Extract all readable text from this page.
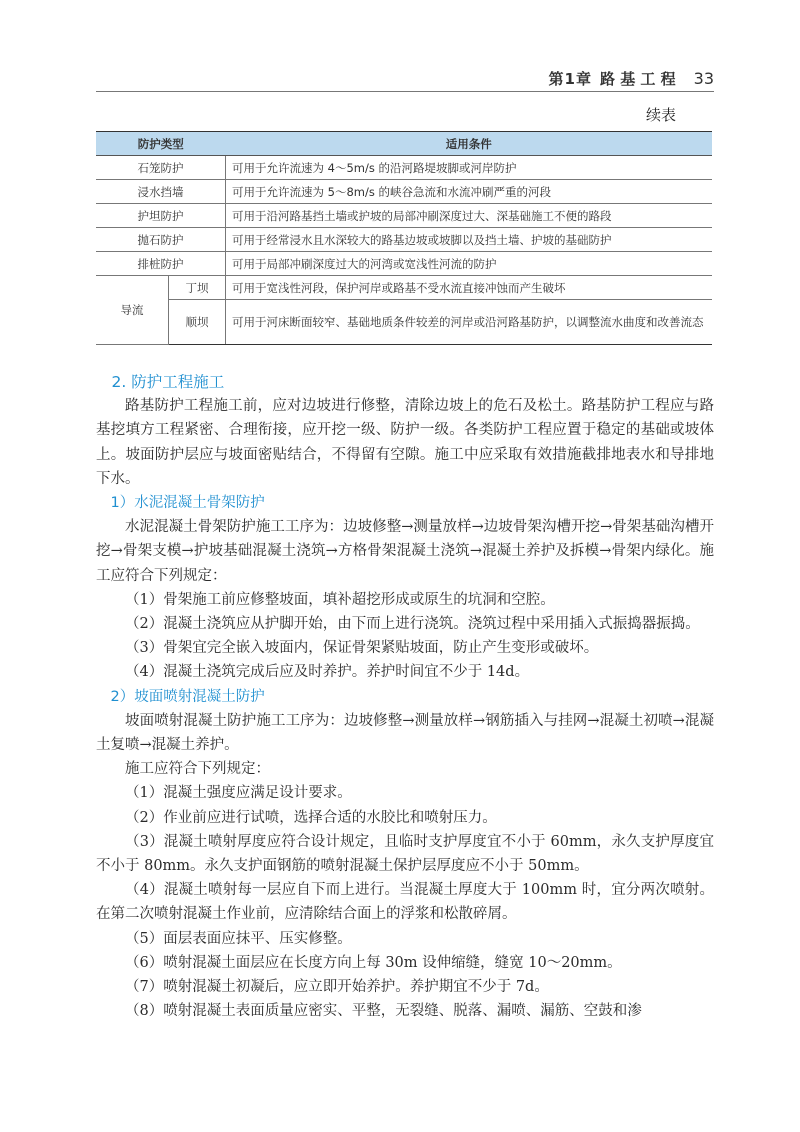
第1章 路 基 工 程 33
续表
防护类型		适用条件
石笼防护		可用于允许流速为 4～5m/s 的沿河路堤坡脚或河岸防护
浸水挡墙		可用于允许流速为 5～8m/s 的峡谷急流和水流冲刷严重的河段
护坦防护		可用于沿河路基挡土墙或护坡的局部冲刷深度过大、深基础施工不便的路段
抛石防护		可用于经常浸水且水深较大的路基边坡或坡脚以及挡土墙、护坡的基础防护
排桩防护		可用于局部冲刷深度过大的河湾或宽浅性河流的防护
导流	丁坝	可用于宽浅性河段，保护河岸或路基不受水流直接冲蚀而产生破坏
	顺坝	可用于河床断面较窄、基础地质条件较差的河岸或沿河路基防护，以调整流水曲度和改善流态

2. 防护工程施工

路基防护工程施工前，应对边坡进行修整，清除边坡上的危石及松土。路基防护工程应与路基挖填方工程紧密、合理衔接，应开挖一级、防护一级。各类防护工程应置于稳定的基础或坡体上。坡面防护层应与坡面密贴结合，不得留有空隙。施工中应采取有效措施截排地表水和导排地下水。

1）水泥混凝土骨架防护

水泥混凝土骨架防护施工工序为：边坡修整→测量放样→边坡骨架沟槽开挖→骨架基础沟槽开挖→骨架支模→护坡基础混凝土浇筑→方格骨架混凝土浇筑→混凝土养护及拆模→骨架内绿化。施工应符合下列规定：

（1）骨架施工前应修整坡面，填补超挖形成或原生的坑洞和空腔。

（2）混凝土浇筑应从护脚开始，由下而上进行浇筑。浇筑过程中采用插入式振捣器振捣。

（3）骨架宜完全嵌入坡面内，保证骨架紧贴坡面，防止产生变形或破坏。

（4）混凝土浇筑完成后应及时养护。养护时间宜不少于 14d。

2）坡面喷射混凝土防护

坡面喷射混凝土防护施工工序为：边坡修整→测量放样→钢筋插入与挂网→混凝土初喷→混凝土复喷→混凝土养护。

施工应符合下列规定：

（1）混凝土强度应满足设计要求。

（2）作业前应进行试喷，选择合适的水胶比和喷射压力。

（3）混凝土喷射厚度应符合设计规定，且临时支护厚度宜不小于 60mm，永久支护厚度宜不小于 80mm。永久支护面钢筋的喷射混凝土保护层厚度应不小于 50mm。

（4）混凝土喷射每一层应自下而上进行。当混凝土厚度大于 100mm 时，宜分两次喷射。在第二次喷射混凝土作业前，应清除结合面上的浮浆和松散碎屑。

（5）面层表面应抹平、压实修整。

（6）喷射混凝土面层应在长度方向上每 30m 设伸缩缝，缝宽 10～20mm。

（7）喷射混凝土初凝后，应立即开始养护。养护期宜不少于 7d。

（8）喷射混凝土表面质量应密实、平整，无裂缝、脱落、漏喷、漏筋、空鼓和渗
